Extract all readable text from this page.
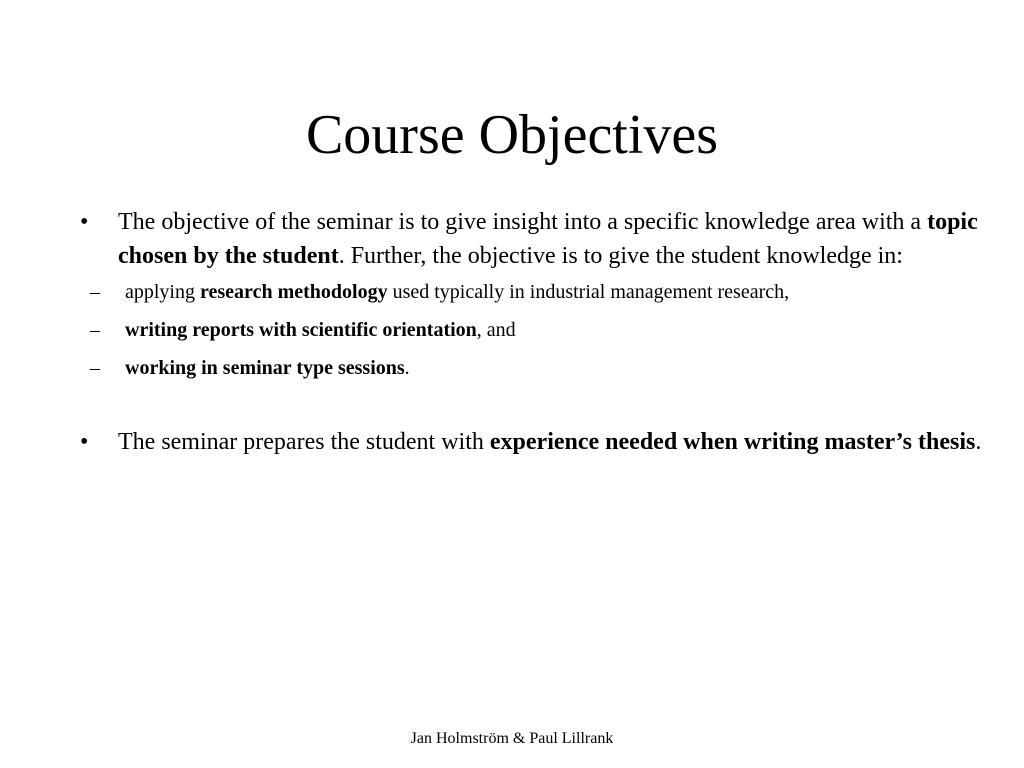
Course Objectives
• The objective of the seminar is to give insight into a specific knowledge area with a topic chosen by the student. Further, the objective is to give the student knowledge in:
– applying research methodology used typically in industrial management research,
– writing reports with scientific orientation, and
– working in seminar type sessions.
• The seminar prepares the student with experience needed when writing master’s thesis.
Jan Holmström & Paul Lillrank
